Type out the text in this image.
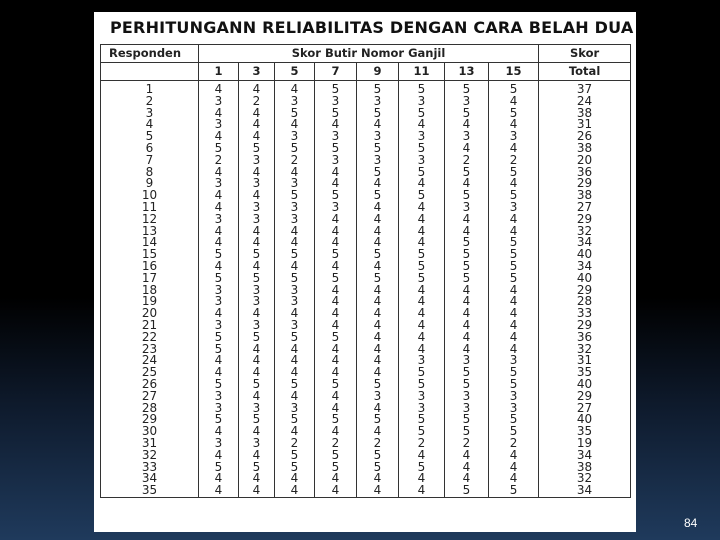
PERHITUNGANN RELIABILITAS DENGAN CARA BELAH DUA
Responden	Skor Butir Nomor Ganjil								Skor
	1	3	5	7	9	11	13	15	Total
1	4	4	4	5	5	5	5	5	37
2	3	2	3	3	3	3	3	4	24
3	4	4	5	5	5	5	5	5	38
4	3	4	4	4	4	4	4	4	31
5	4	4	3	3	3	3	3	3	26
6	5	5	5	5	5	5	4	4	38
7	2	3	2	3	3	3	2	2	20
8	4	4	4	4	5	5	5	5	36
9	3	3	3	4	4	4	4	4	29
10	4	4	5	5	5	5	5	5	38
11	4	3	3	3	4	4	3	3	27
12	3	3	3	4	4	4	4	4	29
13	4	4	4	4	4	4	4	4	32
14	4	4	4	4	4	4	5	5	34
15	5	5	5	5	5	5	5	5	40
16	4	4	4	4	4	5	5	5	34
17	5	5	5	5	5	5	5	5	40
18	3	3	3	4	4	4	4	4	29
19	3	3	3	4	4	4	4	4	28
20	4	4	4	4	4	4	4	4	33
21	3	3	3	4	4	4	4	4	29
22	5	5	5	5	4	4	4	4	36
23	5	4	4	4	4	4	4	4	32
24	4	4	4	4	4	3	3	3	31
25	4	4	4	4	4	5	5	5	35
26	5	5	5	5	5	5	5	5	40
27	3	4	4	4	3	3	3	3	29
28	3	3	3	4	4	3	3	3	27
29	5	5	5	5	5	5	5	5	40
30	4	4	4	4	4	5	5	5	35
31	3	3	2	2	2	2	2	2	19
32	4	4	5	5	5	4	4	4	34
33	5	5	5	5	5	5	4	4	38
34	4	4	4	4	4	4	4	4	32
35	4	4	4	4	4	4	5	5	34
84
